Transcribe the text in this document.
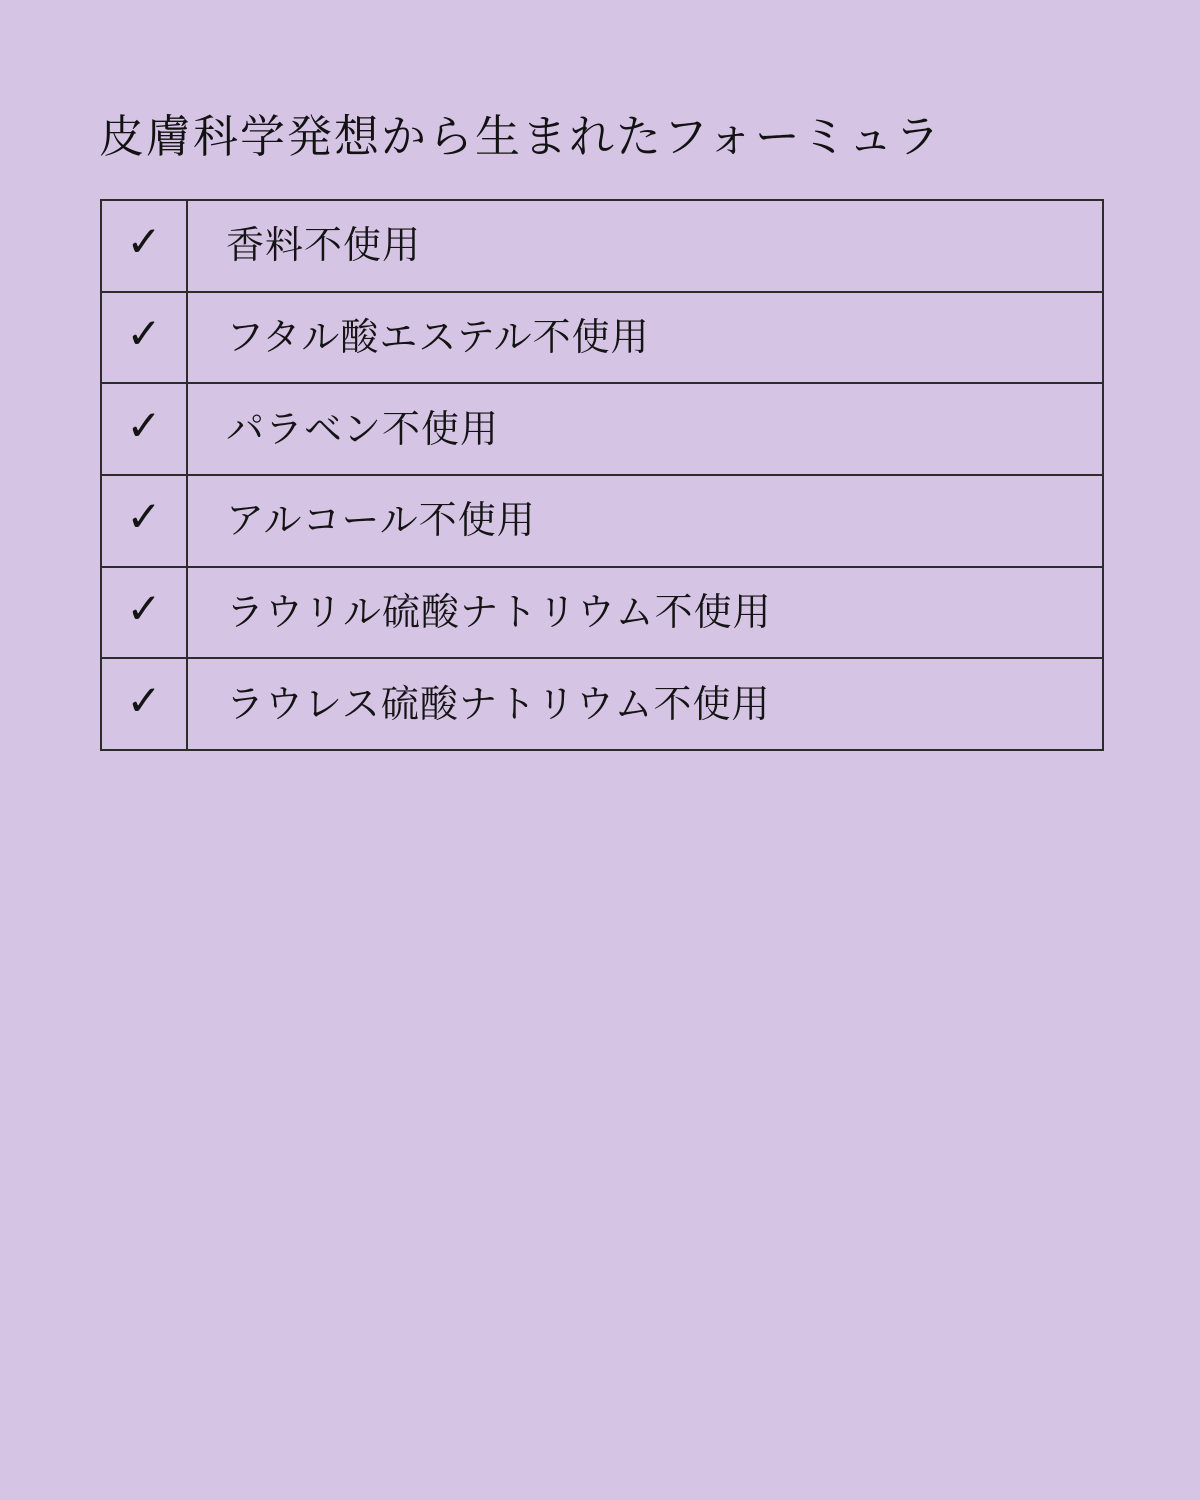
皮膚科学発想から生まれたフォーミュラ
✓	香料不使用
✓	フタル酸エステル不使用
✓	パラベン不使用
✓	アルコール不使用
✓	ラウリル硫酸ナトリウム不使用
✓	ラウレス硫酸ナトリウム不使用
